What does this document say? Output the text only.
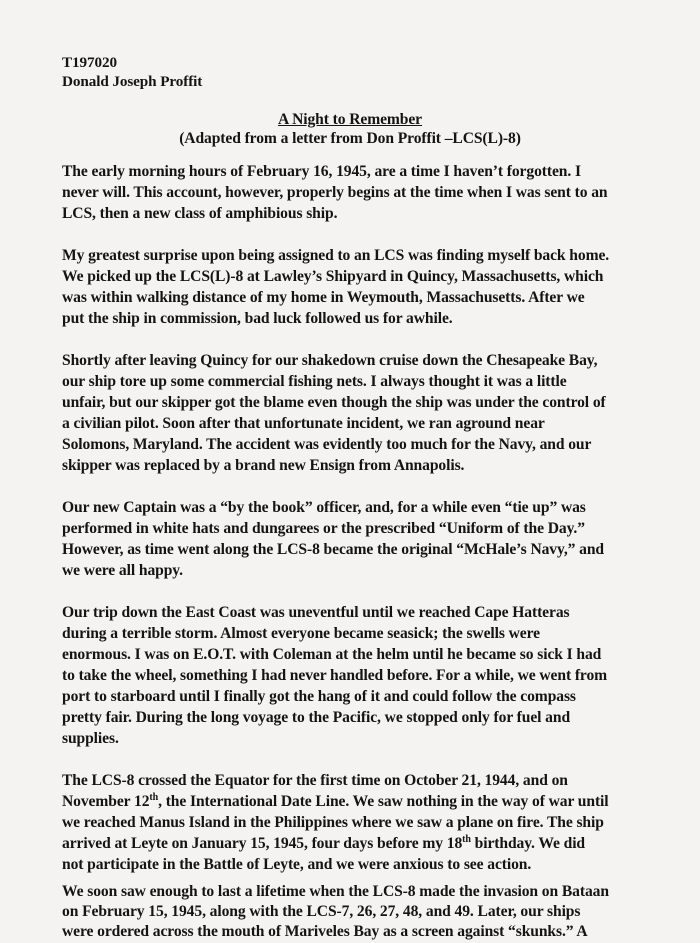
T197020
Donald Joseph Proffit
A Night to Remember
(Adapted from a letter from Don Proffit –LCS(L)-8)
The early morning hours of February 16, 1945, are a time I haven’t forgotten. I
never will. This account, however, properly begins at the time when I was sent to an
LCS, then a new class of amphibious ship.
My greatest surprise upon being assigned to an LCS was finding myself back home.
We picked up the LCS(L)-8 at Lawley’s Shipyard in Quincy, Massachusetts, which
was within walking distance of my home in Weymouth, Massachusetts. After we
put the ship in commission, bad luck followed us for awhile.
Shortly after leaving Quincy for our shakedown cruise down the Chesapeake Bay,
our ship tore up some commercial fishing nets. I always thought it was a little
unfair, but our skipper got the blame even though the ship was under the control of
a civilian pilot. Soon after that unfortunate incident, we ran aground near
Solomons, Maryland. The accident was evidently too much for the Navy, and our
skipper was replaced by a brand new Ensign from Annapolis.
Our new Captain was a “by the book” officer, and, for a while even “tie up” was
performed in white hats and dungarees or the prescribed “Uniform of the Day.”
However, as time went along the LCS-8 became the original “McHale’s Navy,” and
we were all happy.
Our trip down the East Coast was uneventful until we reached Cape Hatteras
during a terrible storm. Almost everyone became seasick; the swells were
enormous. I was on E.O.T. with Coleman at the helm until he became so sick I had
to take the wheel, something I had never handled before. For a while, we went from
port to starboard until I finally got the hang of it and could follow the compass
pretty fair. During the long voyage to the Pacific, we stopped only for fuel and
supplies.
The LCS-8 crossed the Equator for the first time on October 21, 1944, and on
November 12th, the International Date Line. We saw nothing in the way of war until
we reached Manus Island in the Philippines where we saw a plane on fire. The ship
arrived at Leyte on January 15, 1945, four days before my 18th birthday. We did
not participate in the Battle of Leyte, and we were anxious to see action.
We soon saw enough to last a lifetime when the LCS-8 made the invasion on Bataan
on February 15, 1945, along with the LCS-7, 26, 27, 48, and 49. Later, our ships
were ordered across the mouth of Mariveles Bay as a screen against “skunks.” A
